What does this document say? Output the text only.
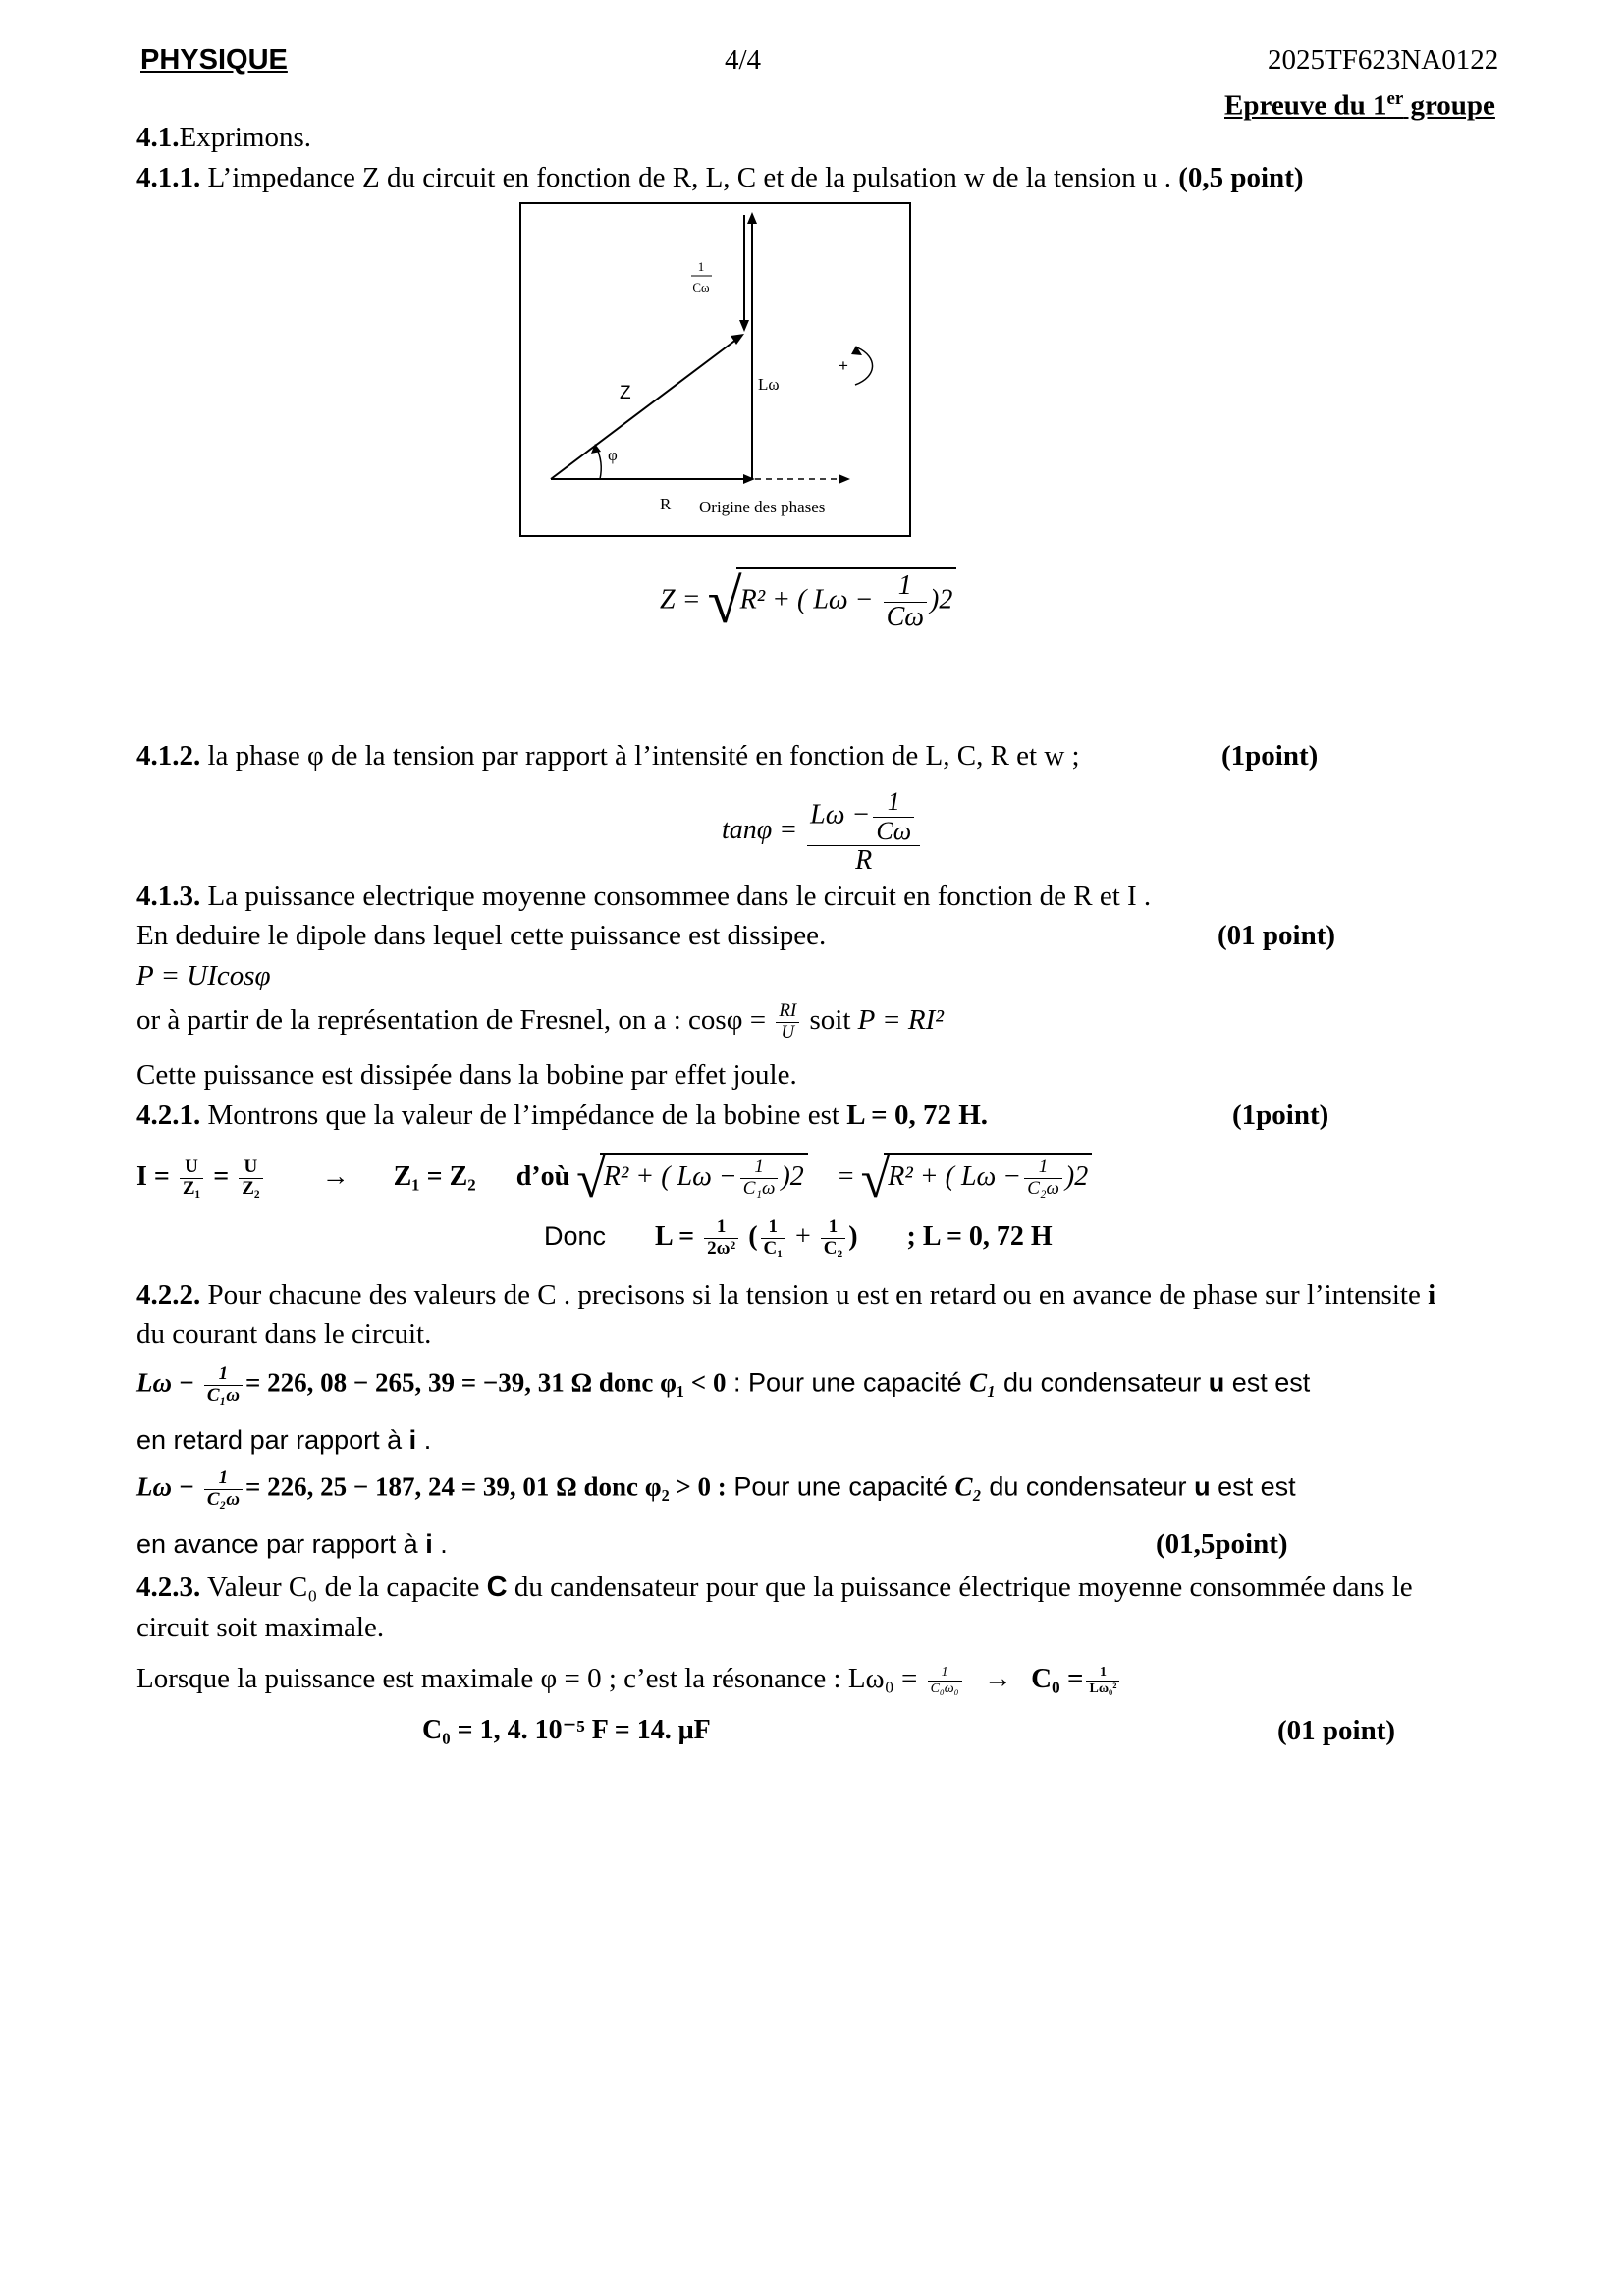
PHYSIQUE	4/4	2025TF623NA0122
Epreuve du 1er groupe
4.1.Exprimons.
4.1.1. L’impedance Z du circuit en fonction de R, L, C et de la pulsation w de la tension u . (0,5 point)
1
Cω
Z	Lω
φ
+
R Origine des phases
Z = √R² + ( $L\omega - \frac{1}{C\omega} )2$
4.1.2. la phase φ de la tension par rapport à l’intensité en fonction de L, C, R et w ;	(1point)
$\tan\varphi = \frac{L\omega - \frac{1}{C\omega}}{R}$
4.1.3. La puissance electrique moyenne consommee dans le circuit en fonction de R et I .
En deduire le dipole dans lequel cette puissance est dissipee.	(01 point)
P = UIcosφ
or à partir de la représentation de Fresnel, on a : $\cos\varphi = \frac{RI}{U}$ soit P = RI²
Cette puissance est dissipée dans la bobine par effet joule.
4.2.1. Montrons que la valeur de l’impédance de la bobine est L = 0, 72 H.	(1point)
$I = \frac{U}{\text{Z₁}} = \frac{U}{\text{Z₂}} \to Z_1 = Z_2$ d’où √R² + ( $L\omega - \frac{1}{\text{C₁ω}} )2 = √R^2$ + ( $L\omega - \frac{1}{\text{C₂ω}} )2$
Donc $L = \frac{1}{\text{2ω²}}$ ( $\frac{1}{\text{C₁}} + \frac{1}{\text{C₂}}$ ) ; L = 0, 72 H
4.2.2. Pour chacune des valeurs de C . precisons si la tension u est en retard ou en avance de phase sur l’intensite i
du courant dans le circuit.
$L\omega - \frac{1}{\text{C₁ω}} = 226$, 08 − 265, 39 = −39, 31 Ω donc φ₁ < 0 : Pour une capacité C₁ du condensateur u est est
en retard par rapport à i .
$L\omega - \frac{1}{\text{C₂ω}} = 226$, 25 − 187, 24 = 39, 01 Ω donc φ₂ > 0 : Pour une capacité C₂ du condensateur u est est
en avance par rapport à i .	(01,5point)
4.2.3. Valeur C₀ de la capacite C du candensateur pour que la puissance électrique moyenne consommée dans le
circuit soit maximale.
Lorsque la puissance est maximale φ = 0 ; c’est la résonance : $L\omega_0 = \frac{1}{\text{C₀ω₀}} \to C_0 = \frac{1}{\text{Lω₀²}}$
C₀ = 1, 4. 10⁻⁵ F = 14. μF	(01 point)
